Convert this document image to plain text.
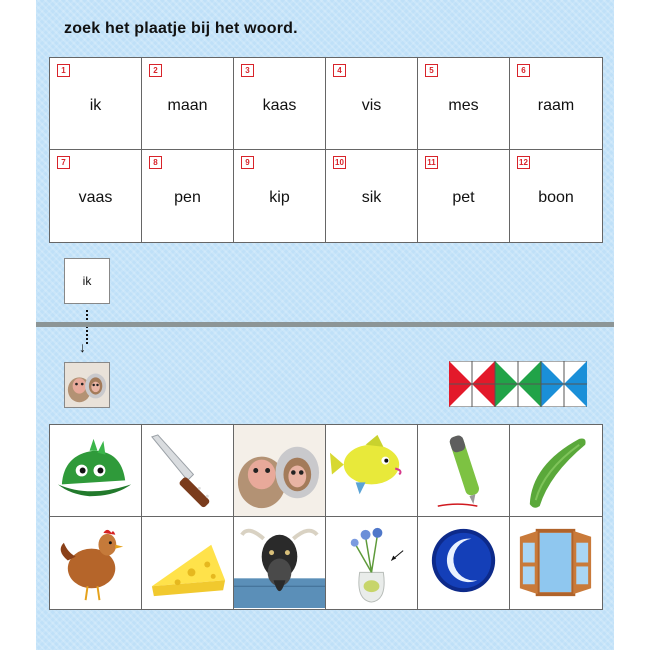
zoek het plaatje bij het woord.
1
ik
2
maan
3
kaas
4
vis
5
mes
6
raam
7
vaas
8
pen
9
kip
10
sik
11
pet
12
boon
ik
↓
